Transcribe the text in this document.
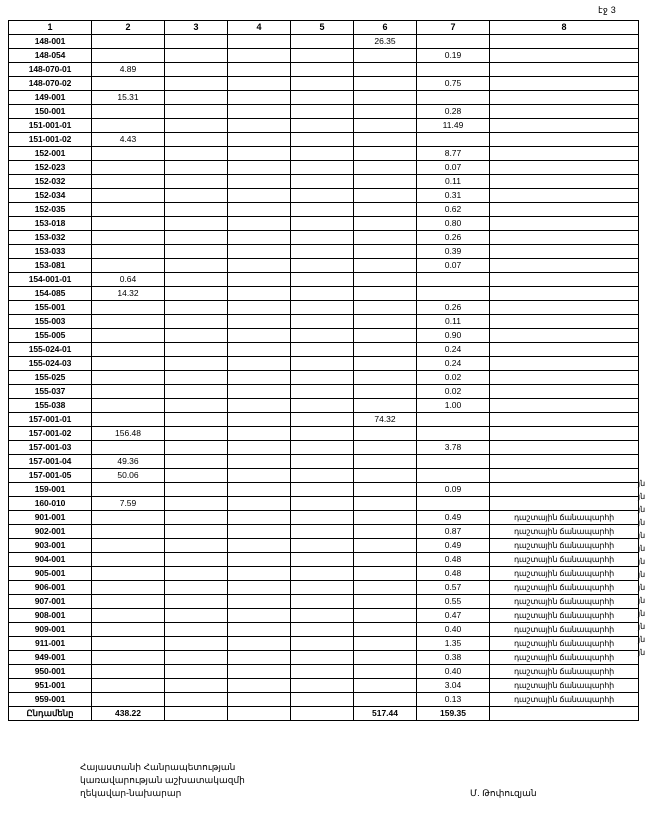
էջ 3
1	2	3	4	5	6	7	8
148-001					26.35		
148-054						0.19	
148-070-01	4.89						
148-070-02						0.75	
149-001	15.31						
150-001						0.28	
151-001-01						11.49	
151-001-02	4.43						
152-001						8.77	
152-023						0.07	
152-032						0.11	
152-034						0.31	
152-035						0.62	
153-018						0.80	
153-032						0.26	
153-033						0.39	
153-081						0.07	
154-001-01	0.64						
154-085	14.32						
155-001						0.26	
155-003						0.11	
155-005						0.90	
155-024-01						0.24	
155-024-03						0.24	
155-025						0.02	
155-037						0.02	
155-038						1.00	
157-001-01					74.32		
157-001-02	156.48						
157-001-03						3.78	
157-001-04	49.36						
157-001-05	50.06						
159-001						0.09	
160-010	7.59						
901-001						0.49	դաշտային ճանապարհի
902-001						0.87	դաշտային ճանապարհի
903-001						0.49	դաշտային ճանապարհի
904-001						0.48	դաշտային ճանապարհի
905-001						0.48	դաշտային ճանապարհի
906-001						0.57	դաշտային ճանապարհի
907-001						0.55	դաշտային ճանապարհի
908-001						0.47	դաշտային ճանապարհի
909-001						0.40	դաշտային ճանապարհի
911-001						1.35	դաշտային ճանապարհի
949-001						0.38	դաշտային ճանապարհի
950-001						0.40	դաշտային ճանապարհի
951-001						3.04	դաշտային ճանապարհի
959-001						0.13	դաշտային ճանապարհի
Ընդամենը	438.22				517.44	159.35	
յն
յն
յն
յն
յն
յն
յն
յն
յն
յն
յն
յն
յն
յն
Հայաստանի Հանրապետության
կառավարության աշխատակազմի
ղեկավար-նախարար	Մ. Թոփուզյան
